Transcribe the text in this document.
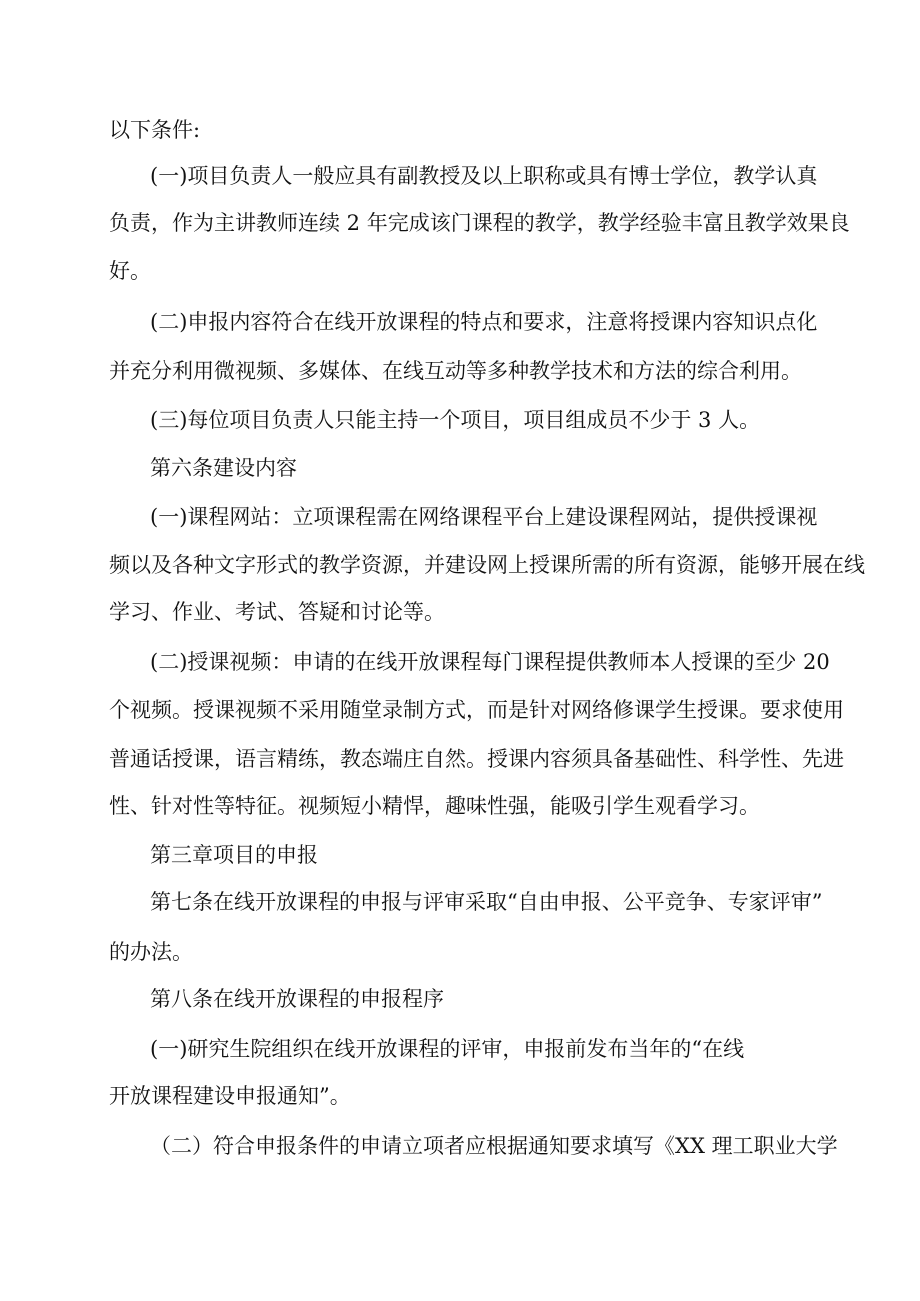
以下条件:

(一)项目负责人一般应具有副教授及以上职称或具有博士学位，教学认真

负责，作为主讲教师连续 2 年完成该门课程的教学，教学经验丰富且教学效果良

好。

(二)申报内容符合在线开放课程的特点和要求，注意将授课内容知识点化

并充分利用微视频、多媒体、在线互动等多种教学技术和方法的综合利用。

(三)每位项目负责人只能主持一个项目，项目组成员不少于 3 人。

第六条建设内容

(一)课程网站：立项课程需在网络课程平台上建设课程网站，提供授课视

频以及各种文字形式的教学资源，并建设网上授课所需的所有资源，能够开展在线

学习、作业、考试、答疑和讨论等。

(二)授课视频：申请的在线开放课程每门课程提供教师本人授课的至少 20

个视频。授课视频不采用随堂录制方式，而是针对网络修课学生授课。要求使用

普通话授课，语言精练，教态端庄自然。授课内容须具备基础性、科学性、先进

性、针对性等特征。视频短小精悍，趣味性强，能吸引学生观看学习。

第三章项目的申报

第七条在线开放课程的申报与评审采取“自由申报、公平竞争、专家评审”

的办法。

第八条在线开放课程的申报程序

(一)研究生院组织在线开放课程的评审，申报前发布当年的“在线

开放课程建设申报通知”。

（二）符合申报条件的申请立项者应根据通知要求填写《XX 理工职业大学
